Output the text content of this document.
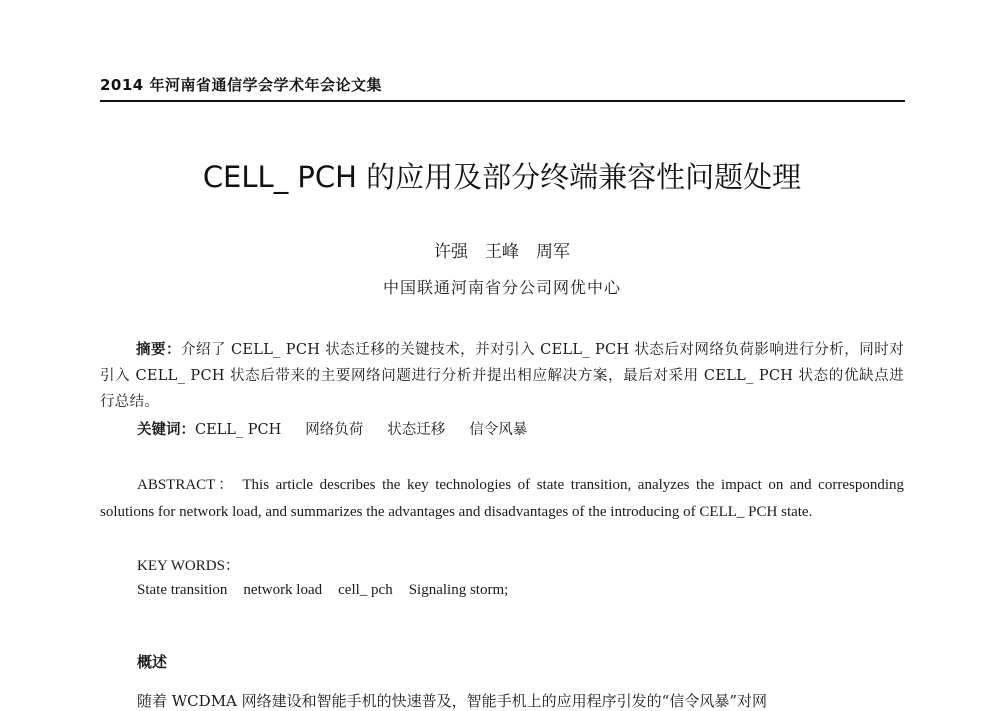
2014 年河南省通信学会学术年会论文集
CELL_ PCH 的应用及部分终端兼容性问题处理
许强　王峰　周军
中国联通河南省分公司网优中心
摘要：介绍了 CELL_ PCH 状态迁移的关键技术，并对引入 CELL_ PCH 状态后对网络负荷影响进行分析，同时对引入 CELL_ PCH 状态后带来的主要网络问题进行分析并提出相应解决方案，最后对采用 CELL_ PCH 状态的优缺点进行总结。
关键词：CELL_ PCH 网络负荷 状态迁移 信令风暴
ABSTRACT： This article describes the key technologies of state transition, analyzes the impact on and corresponding solutions for network load, and summarizes the advantages and disadvantages of the introducing of CELL_ PCH state.
KEY WORDS：
State transition network load cell_ pch Signaling storm;
概述
随着 WCDMA 网络建设和智能手机的快速普及，智能手机上的应用程序引发的“信令风暴”对网
